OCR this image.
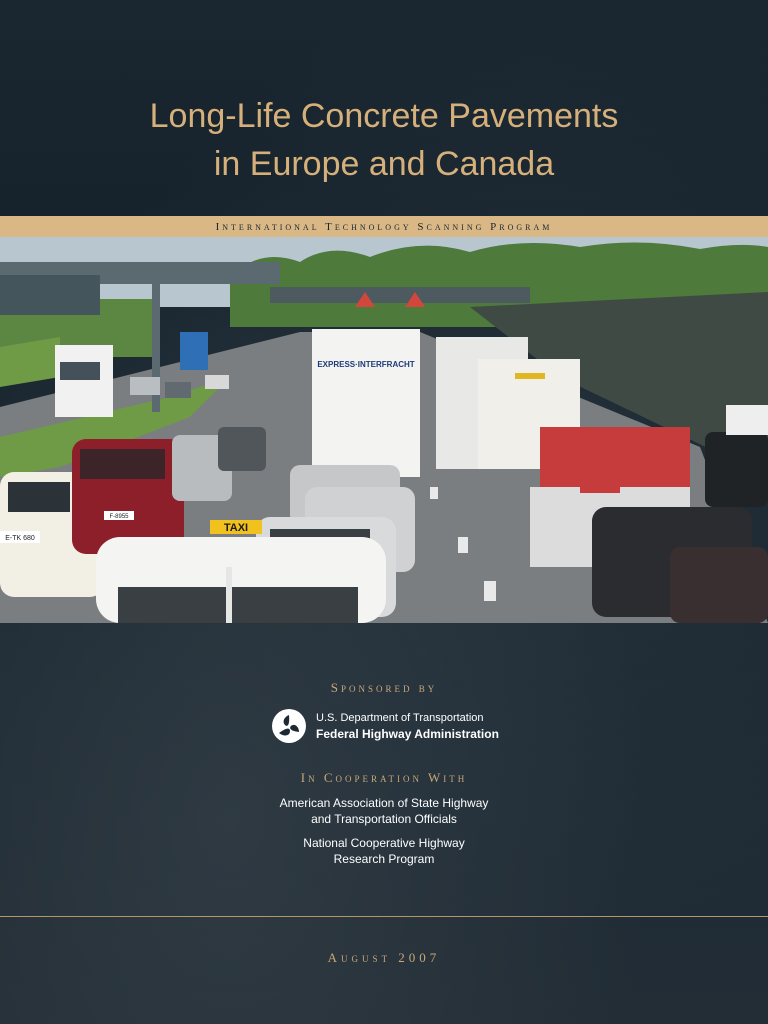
Long-Life Concrete Pavements
in Europe and Canada
International Technology Scanning Program
EXPRESS·INTERFRACHT
E-TK 680
F-8955
TAXI
Sponsored by
U.S. Department of Transportation
Federal Highway Administration
In Cooperation With
American Association of State Highway
and Transportation Officials
National Cooperative Highway
Research Program
August 2007
